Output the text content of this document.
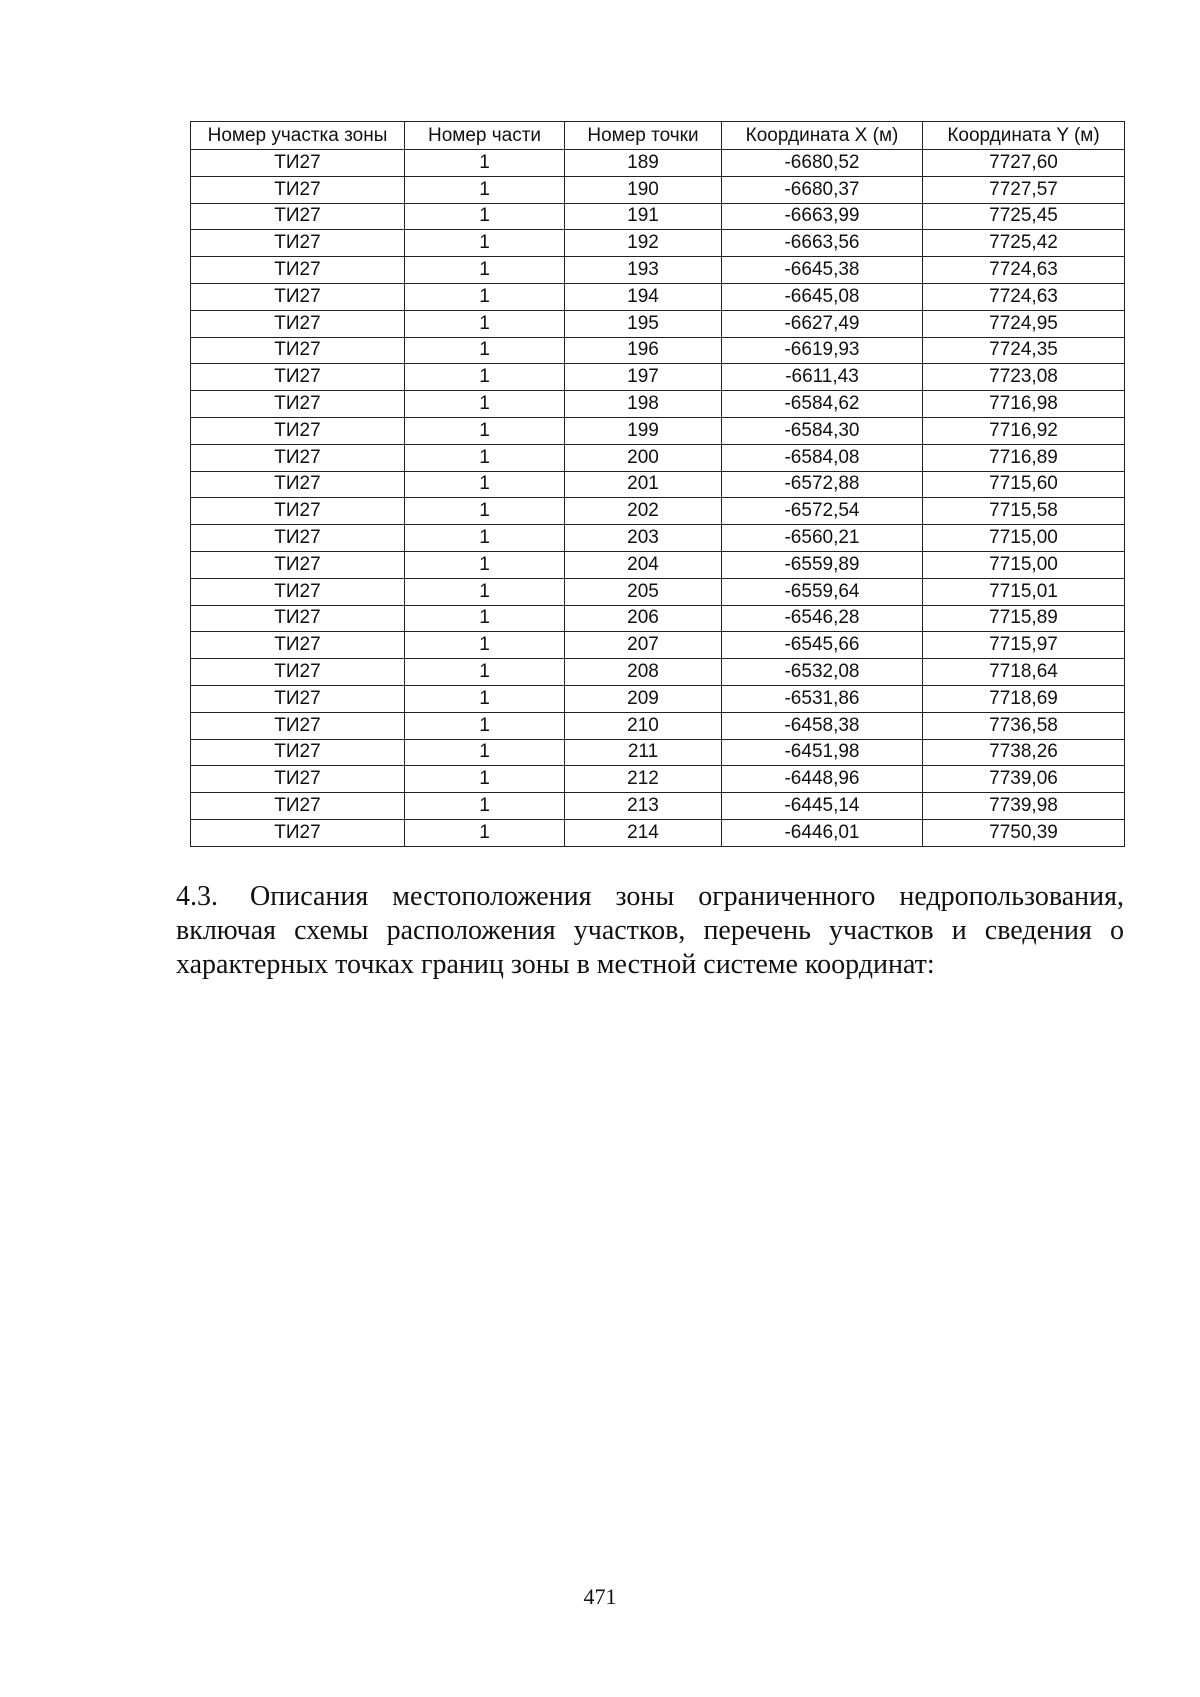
Номер участка зоны	Номер части	Номер точки	Координата X (м)	Координата Y (м)
ТИ27	1	189	-6680,52	7727,60
ТИ27	1	190	-6680,37	7727,57
ТИ27	1	191	-6663,99	7725,45
ТИ27	1	192	-6663,56	7725,42
ТИ27	1	193	-6645,38	7724,63
ТИ27	1	194	-6645,08	7724,63
ТИ27	1	195	-6627,49	7724,95
ТИ27	1	196	-6619,93	7724,35
ТИ27	1	197	-6611,43	7723,08
ТИ27	1	198	-6584,62	7716,98
ТИ27	1	199	-6584,30	7716,92
ТИ27	1	200	-6584,08	7716,89
ТИ27	1	201	-6572,88	7715,60
ТИ27	1	202	-6572,54	7715,58
ТИ27	1	203	-6560,21	7715,00
ТИ27	1	204	-6559,89	7715,00
ТИ27	1	205	-6559,64	7715,01
ТИ27	1	206	-6546,28	7715,89
ТИ27	1	207	-6545,66	7715,97
ТИ27	1	208	-6532,08	7718,64
ТИ27	1	209	-6531,86	7718,69
ТИ27	1	210	-6458,38	7736,58
ТИ27	1	211	-6451,98	7738,26
ТИ27	1	212	-6448,96	7739,06
ТИ27	1	213	-6445,14	7739,98
ТИ27	1	214	-6446,01	7750,39

4.3. Описания местоположения зоны ограниченного недропользования, включая схемы расположения участков, перечень участков и сведения о характерных точках границ зоны в местной системе координат:

471
